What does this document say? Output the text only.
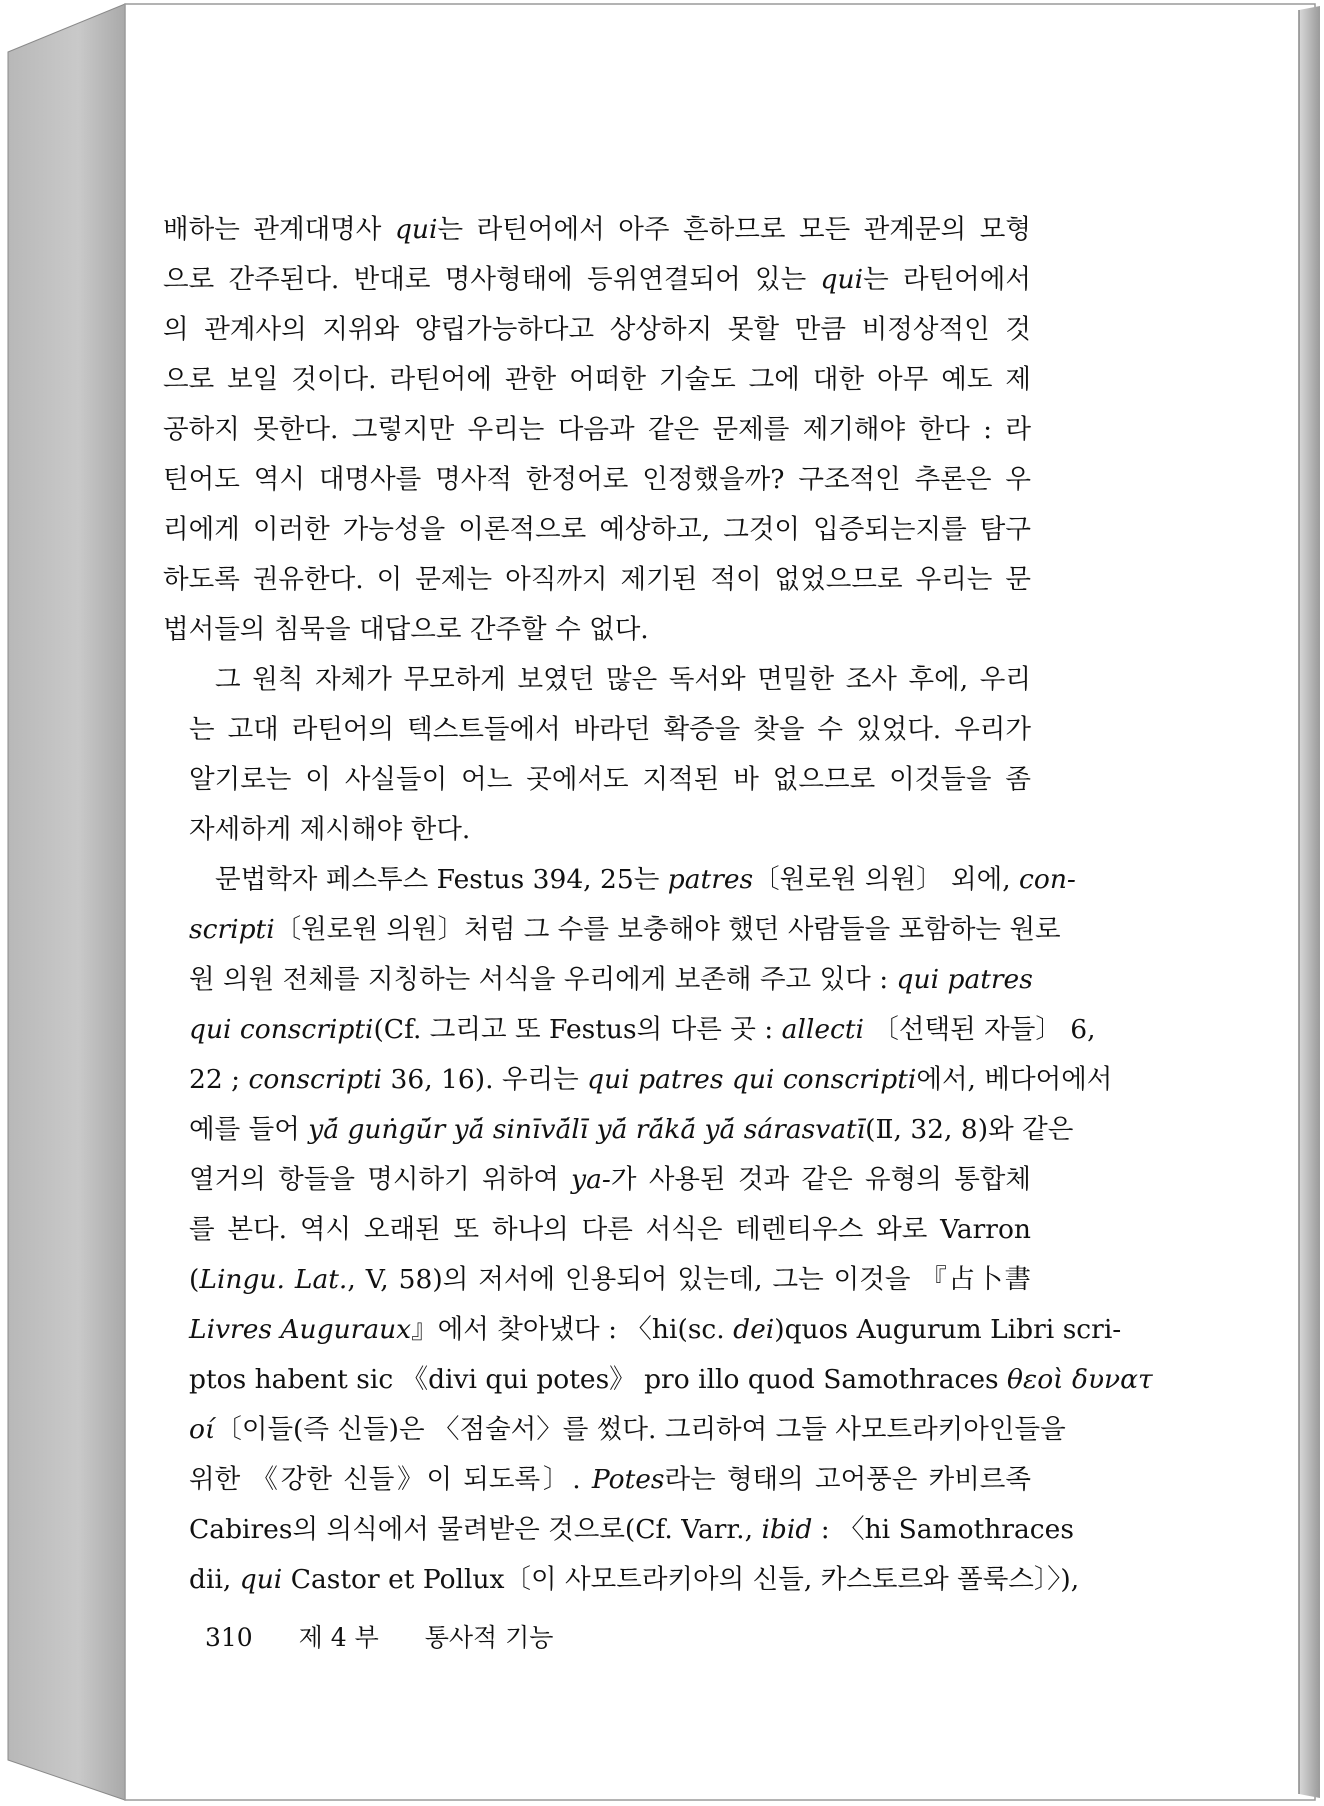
배하는 관계대명사 qui는 라틴어에서 아주 흔하므로 모든 관계문의 모형
으로 간주된다. 반대로 명사형태에 등위연결되어 있는 qui는 라틴어에서
의 관계사의 지위와 양립가능하다고 상상하지 못할 만큼 비정상적인 것
으로 보일 것이다. 라틴어에 관한 어떠한 기술도 그에 대한 아무 예도 제
공하지 못한다. 그렇지만 우리는 다음과 같은 문제를 제기해야 한다 : 라
틴어도 역시 대명사를 명사적 한정어로 인정했을까? 구조적인 추론은 우
리에게 이러한 가능성을 이론적으로 예상하고, 그것이 입증되는지를 탐구
하도록 권유한다. 이 문제는 아직까지 제기된 적이 없었으므로 우리는 문
법서들의 침묵을 대답으로 간주할 수 없다.
그 원칙 자체가 무모하게 보였던 많은 독서와 면밀한 조사 후에, 우리
는 고대 라틴어의 텍스트들에서 바라던 확증을 찾을 수 있었다. 우리가
알기로는 이 사실들이 어느 곳에서도 지적된 바 없으므로 이것들을 좀
자세하게 제시해야 한다.
문법학자 페스투스 Festus 394, 25는 patres〔원로원 의원〕 외에, con-
scripti〔원로원 의원〕처럼 그 수를 보충해야 했던 사람들을 포함하는 원로
원 의원 전체를 지칭하는 서식을 우리에게 보존해 주고 있다 : qui patres
qui conscripti(Cf. 그리고 또 Festus의 다른 곳 : allecti 〔선택된 자들〕 6,
22 ; conscripti 36, 16). 우리는 qui patres qui conscripti에서, 베다어에서
예를 들어 yā́ guṅgū́r yā́ sinīvā́lī yā́ rā́kā́ yā́ sárasvatī(Ⅱ, 32, 8)와 같은
열거의 항들을 명시하기 위하여 ya-가 사용된 것과 같은 유형의 통합체
를 본다. 역시 오래된 또 하나의 다른 서식은 테렌티우스 와로 Varron
(Lingu. Lat., V, 58)의 저서에 인용되어 있는데, 그는 이것을 『占卜書
Livres Auguraux』에서 찾아냈다 : 〈hi(sc. dei)quos Augurum Libri scri-
ptos habent sic 《divi qui potes》 pro illo quod Samothraces θεοὶ δυνατ
οί〔이들(즉 신들)은 〈점술서〉를 썼다. 그리하여 그들 사모트라키아인들을
위한 《강한 신들》이 되도록〕. Potes라는 형태의 고어풍은 카비르족
Cabires의 의식에서 물려받은 것으로(Cf. Varr., ibid : 〈hi Samothraces
dii, qui Castor et Pollux〔이 사모트라키아의 신들, 카스토르와 폴룩스〕〉),
310 제 4 부 통사적 기능
